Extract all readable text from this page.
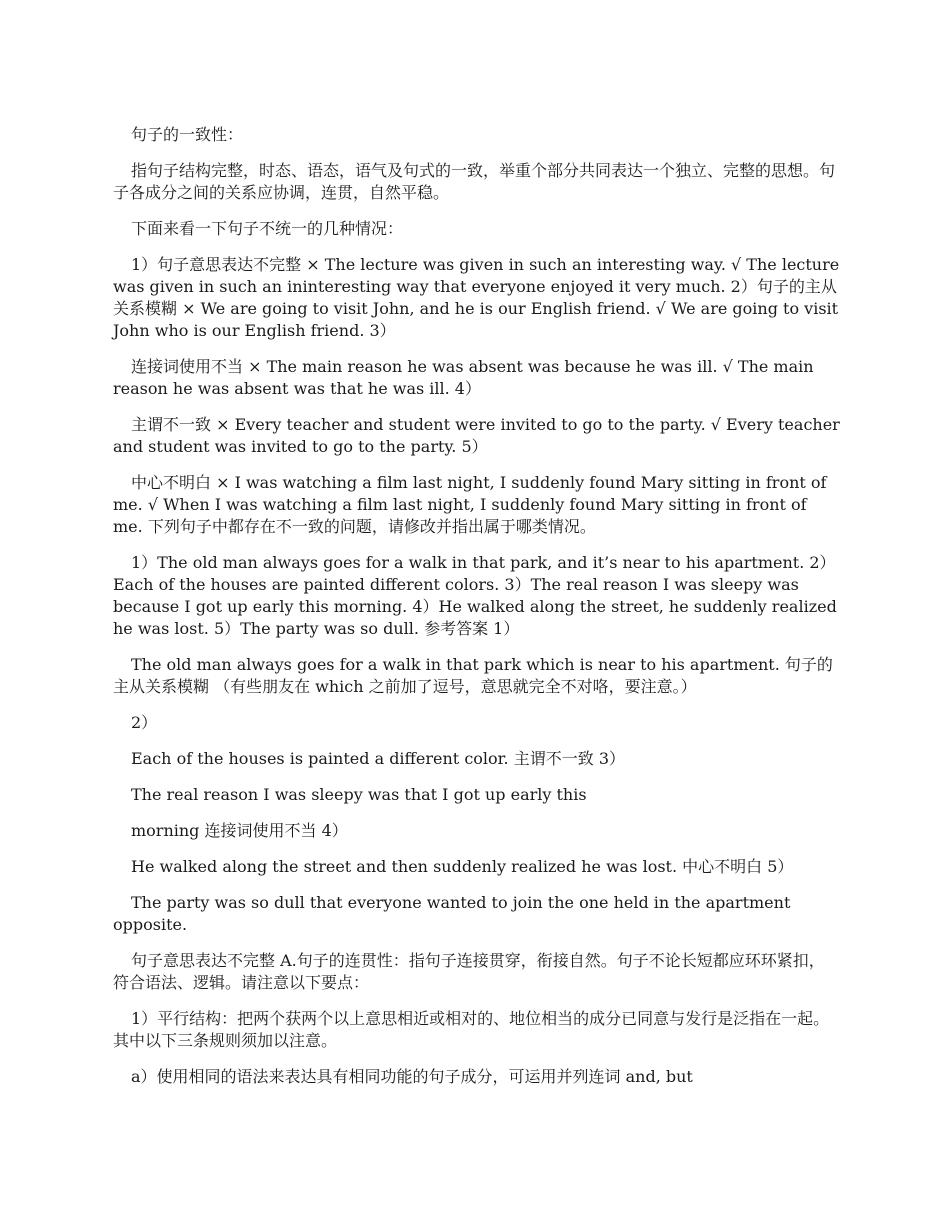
句子的一致性：

指句子结构完整，时态、语态，语气及句式的一致，举重个部分共同表达一个独立、完整的思想。句子各成分之间的关系应协调，连贯，自然平稳。

下面来看一下句子不统一的几种情况：

1）句子意思表达不完整 × The lecture was given in such an interesting way. √ The lecture was given in such an ininteresting way that everyone enjoyed it very much. 2）句子的主从关系模糊 × We are going to visit John, and he is our English friend. √ We are going to visit John who is our English friend. 3）

连接词使用不当 × The main reason he was absent was because he was ill. √ The main reason he was absent was that he was ill. 4）

主谓不一致 × Every teacher and student were invited to go to the party. √ Every teacher and student was invited to go to the party. 5）

中心不明白 × I was watching a film last night, I suddenly found Mary sitting in front of me. √ When I was watching a film last night, I suddenly found Mary sitting in front of me. 下列句子中都存在不一致的问题，请修改并指出属于哪类情况。

1）The old man always goes for a walk in that park, and it’s near to his apartment. 2）Each of the houses are painted different colors. 3）The real reason I was sleepy was because I got up early this morning. 4）He walked along the street, he suddenly realized he was lost. 5）The party was so dull. 参考答案 1）

The old man always goes for a walk in that park which is near to his apartment. 句子的主从关系模糊 （有些朋友在 which 之前加了逗号，意思就完全不对咯，要注意。）

2）

Each of the houses is painted a different color. 主谓不一致 3）

The real reason I was sleepy was that I got up early this

morning 连接词使用不当 4）

He walked along the street and then suddenly realized he was lost. 中心不明白 5）

The party was so dull that everyone wanted to join the one held in the apartment opposite.

句子意思表达不完整 A.句子的连贯性：指句子连接贯穿，衔接自然。句子不论长短都应环环紧扣，符合语法、逻辑。请注意以下要点：

1）平行结构：把两个获两个以上意思相近或相对的、地位相当的成分已同意与发行是泛指在一起。其中以下三条规则须加以注意。

a）使用相同的语法来表达具有相同功能的句子成分，可运用并列连词 and, but
